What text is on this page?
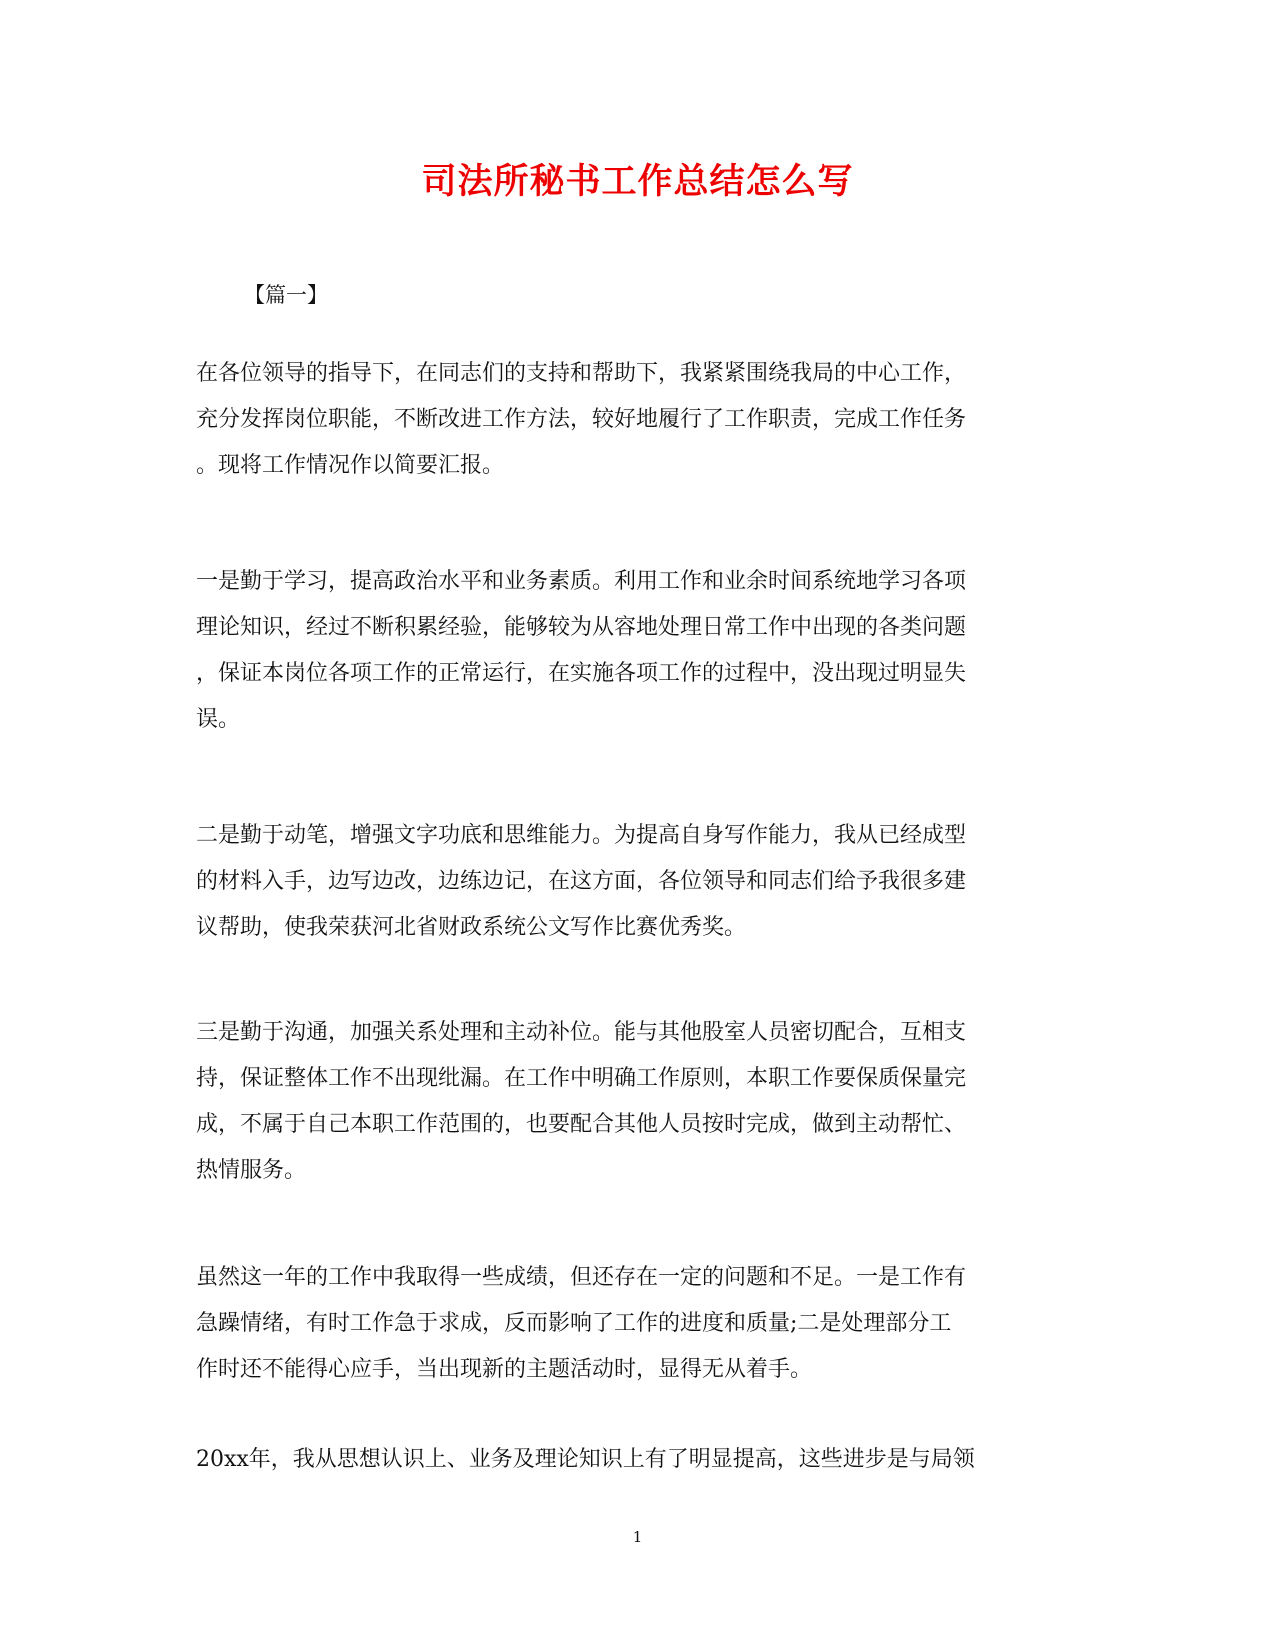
司法所秘书工作总结怎么写
【篇一】
在各位领导的指导下，在同志们的支持和帮助下，我紧紧围绕我局的中心工作，
充分发挥岗位职能，不断改进工作方法，较好地履行了工作职责，完成工作任务
。现将工作情况作以简要汇报。
一是勤于学习，提高政治水平和业务素质。利用工作和业余时间系统地学习各项
理论知识，经过不断积累经验，能够较为从容地处理日常工作中出现的各类问题
，保证本岗位各项工作的正常运行，在实施各项工作的过程中，没出现过明显失
误。
二是勤于动笔，增强文字功底和思维能力。为提高自身写作能力，我从已经成型
的材料入手，边写边改，边练边记，在这方面，各位领导和同志们给予我很多建
议帮助，使我荣获河北省财政系统公文写作比赛优秀奖。
三是勤于沟通，加强关系处理和主动补位。能与其他股室人员密切配合，互相支
持，保证整体工作不出现纰漏。在工作中明确工作原则，本职工作要保质保量完
成，不属于自己本职工作范围的，也要配合其他人员按时完成，做到主动帮忙、
热情服务。
虽然这一年的工作中我取得一些成绩，但还存在一定的问题和不足。一是工作有
急躁情绪，有时工作急于求成，反而影响了工作的进度和质量;二是处理部分工
作时还不能得心应手，当出现新的主题活动时，显得无从着手。
20xx年，我从思想认识上、业务及理论知识上有了明显提高，这些进步是与局领
1
